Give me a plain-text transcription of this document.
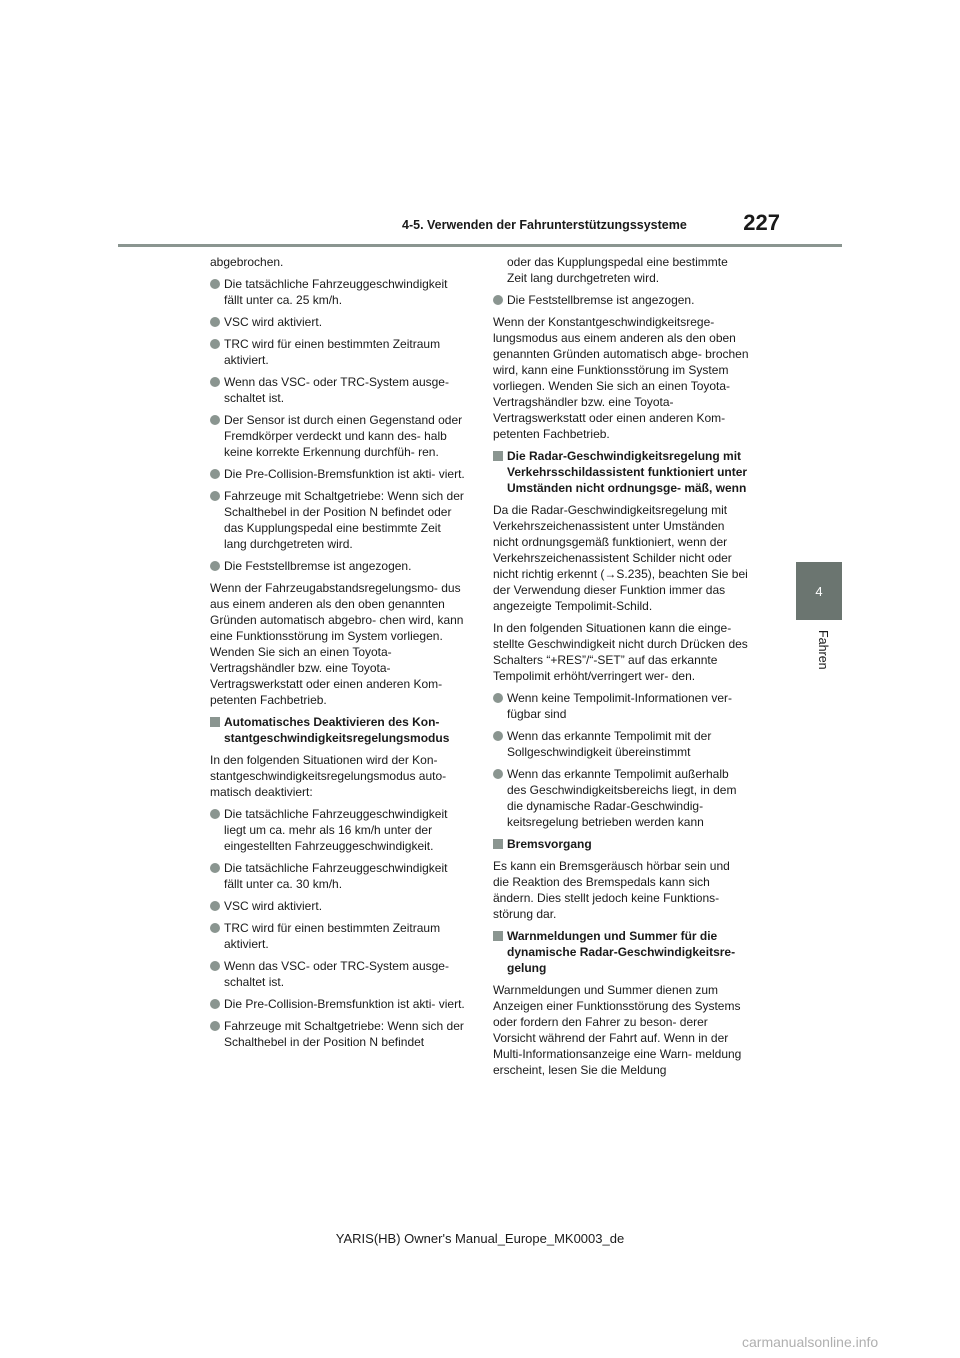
4-5. Verwenden der Fahrunterstützungssysteme	227
4
Fahren

abgebrochen.

Die tatsächliche Fahrzeuggeschwindigkeit fällt unter ca. 25 km/h.

VSC wird aktiviert.

TRC wird für einen bestimmten Zeitraum aktiviert.

Wenn das VSC- oder TRC-System ausge- schaltet ist.

Der Sensor ist durch einen Gegenstand oder Fremdkörper verdeckt und kann des- halb keine korrekte Erkennung durchfüh- ren.

Die Pre-Collision-Bremsfunktion ist akti- viert.

Fahrzeuge mit Schaltgetriebe: Wenn sich der Schalthebel in der Position N befindet oder das Kupplungspedal eine bestimmte Zeit lang durchgetreten wird.

Die Feststellbremse ist angezogen.

Wenn der Fahrzeugabstandsregelungsmo- dus aus einem anderen als den oben genannten Gründen automatisch abgebro- chen wird, kann eine Funktionsstörung im System vorliegen. Wenden Sie sich an einen Toyota-Vertragshändler bzw. eine Toyota- Vertragswerkstatt oder einen anderen Kom- petenten Fachbetrieb.

Automatisches Deaktivieren des Kon- stantgeschwindigkeitsregelungsmodus

In den folgenden Situationen wird der Kon- stantgeschwindigkeitsregelungsmodus auto- matisch deaktiviert:

Die tatsächliche Fahrzeuggeschwindigkeit liegt um ca. mehr als 16 km/h unter der eingestellten Fahrzeuggeschwindigkeit.

Die tatsächliche Fahrzeuggeschwindigkeit fällt unter ca. 30 km/h.

VSC wird aktiviert.

TRC wird für einen bestimmten Zeitraum aktiviert.

Wenn das VSC- oder TRC-System ausge- schaltet ist.

Die Pre-Collision-Bremsfunktion ist akti- viert.

Fahrzeuge mit Schaltgetriebe: Wenn sich der Schalthebel in der Position N befindet

oder das Kupplungspedal eine bestimmte Zeit lang durchgetreten wird.

Die Feststellbremse ist angezogen.

Wenn der Konstantgeschwindigkeitsrege- lungsmodus aus einem anderen als den oben genannten Gründen automatisch abge- brochen wird, kann eine Funktionsstörung im System vorliegen. Wenden Sie sich an einen Toyota-Vertragshändler bzw. eine Toyota- Vertragswerkstatt oder einen anderen Kom- petenten Fachbetrieb.

Die Radar-Geschwindigkeitsregelung mit Verkehrsschildassistent funktioniert unter Umständen nicht ordnungsge- mäß, wenn

Da die Radar-Geschwindigkeitsregelung mit Verkehrszeichenassistent unter Umständen nicht ordnungsgemäß funktioniert, wenn der Verkehrszeichenassistent Schilder nicht oder nicht richtig erkennt (→S.235), beachten Sie bei der Verwendung dieser Funktion immer das angezeigte Tempolimit-Schild.

In den folgenden Situationen kann die einge- stellte Geschwindigkeit nicht durch Drücken des Schalters “+RES”/“-SET” auf das erkannte Tempolimit erhöht/verringert wer- den.

Wenn keine Tempolimit-Informationen ver- fügbar sind

Wenn das erkannte Tempolimit mit der Sollgeschwindigkeit übereinstimmt

Wenn das erkannte Tempolimit außerhalb des Geschwindigkeitsbereichs liegt, in dem die dynamische Radar-Geschwindig- keitsregelung betrieben werden kann

Bremsvorgang

Es kann ein Bremsgeräusch hörbar sein und die Reaktion des Bremspedals kann sich ändern. Dies stellt jedoch keine Funktions- störung dar.

Warnmeldungen und Summer für die dynamische Radar-Geschwindigkeitsre- gelung

Warnmeldungen und Summer dienen zum Anzeigen einer Funktionsstörung des Systems oder fordern den Fahrer zu beson- derer Vorsicht während der Fahrt auf. Wenn in der Multi-Informationsanzeige eine Warn- meldung erscheint, lesen Sie die Meldung

YARIS(HB) Owner's Manual_Europe_MK0003_de
carmanualsonline.info
